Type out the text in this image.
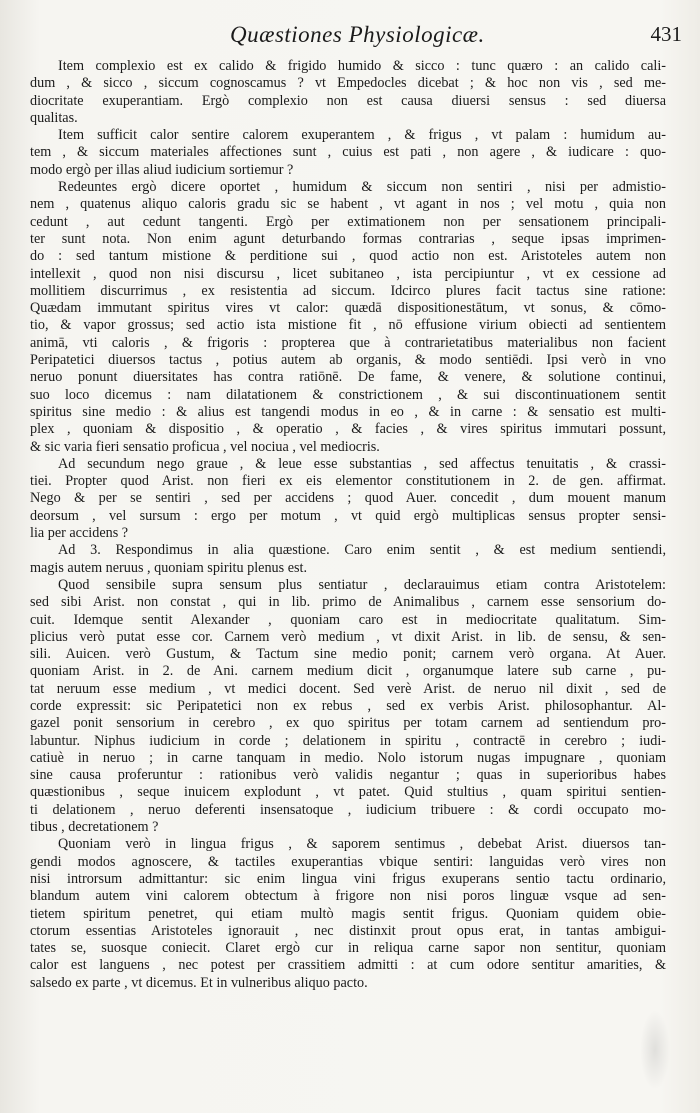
Quæstiones Physiologicæ.	431
Item complexio est ex calido & frigido humido & sicco : tunc quæro : an calido cali-
dum , & sicco , siccum cognoscamus ? vt Empedocles dicebat ; & hoc non vis , sed me-
diocritate exuperantiam. Ergò complexio non est causa diuersi sensus : sed diuersa
qualitas.
Item sufficit calor sentire calorem exuperantem , & frigus , vt palam : humidum au-
tem , & siccum materiales affectiones sunt , cuius est pati , non agere , & iudicare : quo-
modo ergò per illas aliud iudicium sortiemur ?
Redeuntes ergò dicere oportet , humidum & siccum non sentiri , nisi per admistio-
nem , quatenus aliquo caloris gradu sic se habent , vt agant in nos ; vel motu , quia non
cedunt , aut cedunt tangenti. Ergò per extimationem non per sensationem principali-
ter sunt nota. Non enim agunt deturbando formas contrarias , seque ipsas imprimen-
do : sed tantum mistione & perditione sui , quod actio non est. Aristoteles autem non
intellexit , quod non nisi discursu , licet subitaneo , ista percipiuntur , vt ex cessione ad
mollitiem discurrimus , ex resistentia ad siccum. Idcirco plures facit tactus sine ratione:
Quædam immutant spiritus vires vt calor: quædā dispositionestātum, vt sonus, & cōmo-
tio, & vapor grossus; sed actio ista mistione fit , nō effusione virium obiecti ad sentientem
animā, vti caloris , & frigoris : propterea que à contrarietatibus materialibus non facient
Peripatetici diuersos tactus , potius autem ab organis, & modo sentiēdi. Ipsi verò in vno
neruo ponunt diuersitates has contra ratiōnē. De fame, & venere, & solutione continui,
suo loco dicemus : nam dilatationem & constrictionem , & sui discontinuationem sentit
spiritus sine medio : & alius est tangendi modus in eo , & in carne : & sensatio est multi-
plex , quoniam & dispositio , & operatio , & facies , & vires spiritus immutari possunt,
& sic varia fieri sensatio proficua , vel nociua , vel mediocris.
Ad secundum nego graue , & leue esse substantias , sed affectus tenuitatis , & crassi-
tiei. Propter quod Arist. non fieri ex eis elementor constitutionem in 2. de gen. affirmat.
Nego & per se sentiri , sed per accidens ; quod Auer. concedit , dum mouent manum
deorsum , vel sursum : ergo per motum , vt quid ergò multiplicas sensus propter sensi-
lia per accidens ?
Ad 3. Respondimus in alia quæstione. Caro enim sentit , & est medium sentiendi,
magis autem neruus , quoniam spiritu plenus est.
Quod sensibile supra sensum plus sentiatur , declarauimus etiam contra Aristotelem:
sed sibi Arist. non constat , qui in lib. primo de Animalibus , carnem esse sensorium do-
cuit. Idemque sentit Alexander , quoniam caro est in mediocritate qualitatum. Sim-
plicius verò putat esse cor. Carnem verò medium , vt dixit Arist. in lib. de sensu, & sen-
sili. Auicen. verò Gustum, & Tactum sine medio ponit; carnem verò organa. At Auer.
quoniam Arist. in 2. de Ani. carnem medium dicit , organumque latere sub carne , pu-
tat neruum esse medium , vt medici docent. Sed verè Arist. de neruo nil dixit , sed de
corde expressit: sic Peripatetici non ex rebus , sed ex verbis Arist. philosophantur. Al-
gazel ponit sensorium in cerebro , ex quo spiritus per totam carnem ad sentiendum pro-
labuntur. Niphus iudicium in corde ; delationem in spiritu , contractē in cerebro ; iudi-
catiuè in neruo ; in carne tanquam in medio. Nolo istorum nugas impugnare , quoniam
sine causa proferuntur : rationibus verò validis negantur ; quas in superioribus habes
quæstionibus , seque inuicem explodunt , vt patet. Quid stultius , quam spiritui sentien-
ti delationem , neruo deferenti insensatoque , iudicium tribuere : & cordi occupato mo-
tibus , decretationem ?
Quoniam verò in lingua frigus , & saporem sentimus , debebat Arist. diuersos tan-
gendi modos agnoscere, & tactiles exuperantias vbique sentiri: languidas verò vires non
nisi introrsum admittantur: sic enim lingua vini frigus exuperans sentio tactu ordinario,
blandum autem vini calorem obtectum à frigore non nisi poros linguæ vsque ad sen-
tietem spiritum penetret, qui etiam multò magis sentit frigus. Quoniam quidem obie-
ctorum essentias Aristoteles ignorauit , nec distinxit prout opus erat, in tantas ambigui-
tates se, suosque coniecit. Claret ergò cur in reliqua carne sapor non sentitur, quoniam
calor est languens , nec potest per crassitiem admitti : at cum odore sentitur amarities, &
salsedo ex parte , vt dicemus. Et in vulneribus aliquo pacto.
